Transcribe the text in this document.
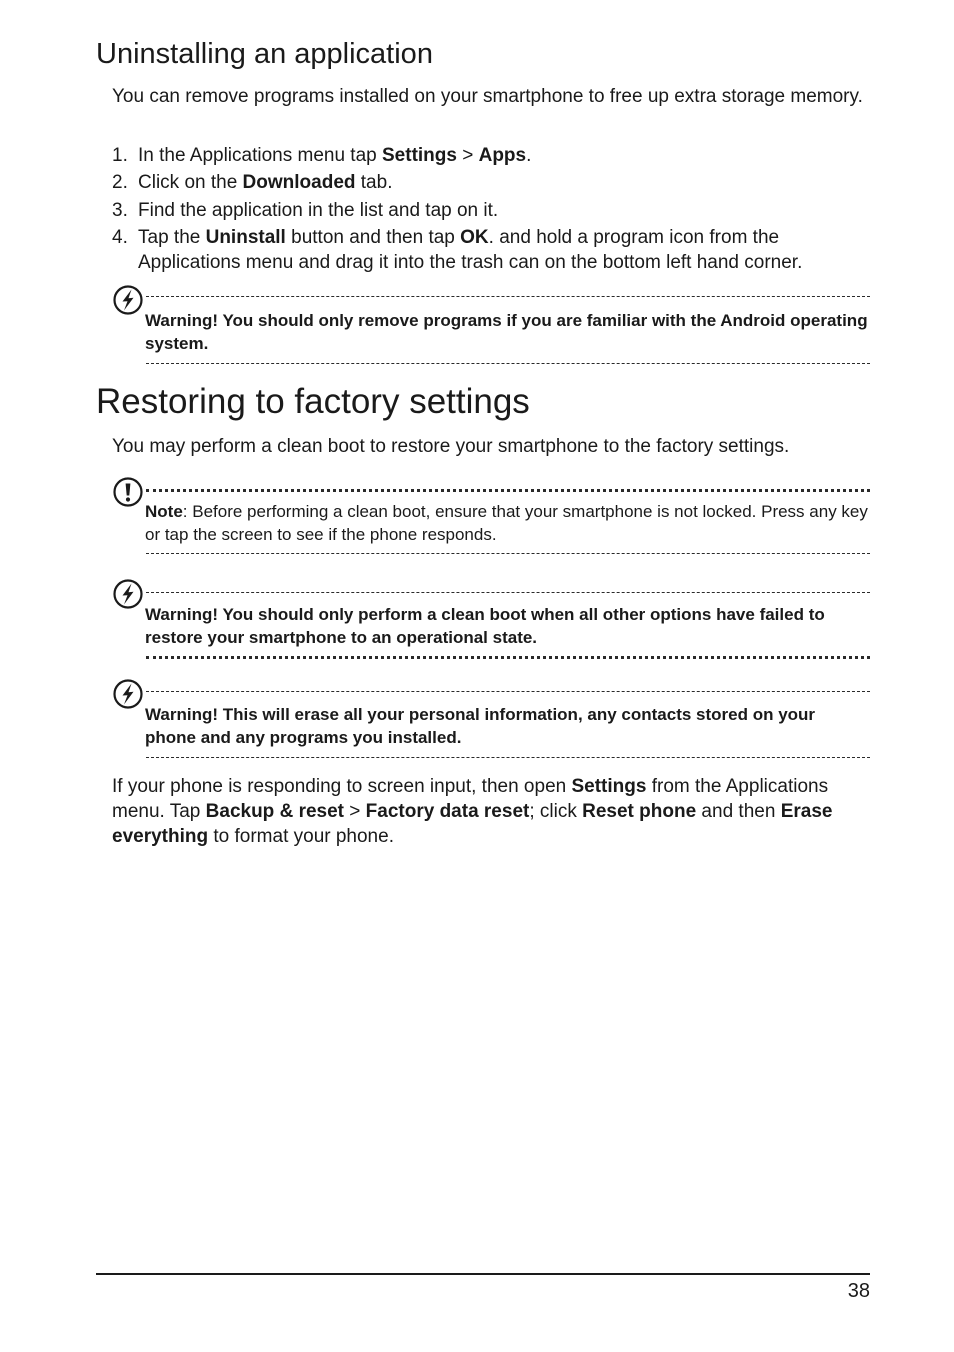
Uninstalling an application

You can remove programs installed on your smartphone to free up extra storage memory.

1. In the Applications menu tap Settings > Apps.
2. Click on the Downloaded tab.
3. Find the application in the list and tap on it.
4. Tap the Uninstall button and then tap OK. and hold a program icon from the Applications menu and drag it into the trash can on the bottom left hand corner.
Warning! You should only remove programs if you are familiar with the Android operating system.
Restoring to factory settings

You may perform a clean boot to restore your smartphone to the factory settings.

Note: Before performing a clean boot, ensure that your smartphone is not locked. Press any key or tap the screen to see if the phone responds.
Warning! You should only perform a clean boot when all other options have failed to restore your smartphone to an operational state.
Warning! This will erase all your personal information, any contacts stored on your phone and any programs you installed.

If your phone is responding to screen input, then open Settings from the Applications menu. Tap Backup & reset > Factory data reset; click Reset phone and then Erase everything to format your phone.

38
